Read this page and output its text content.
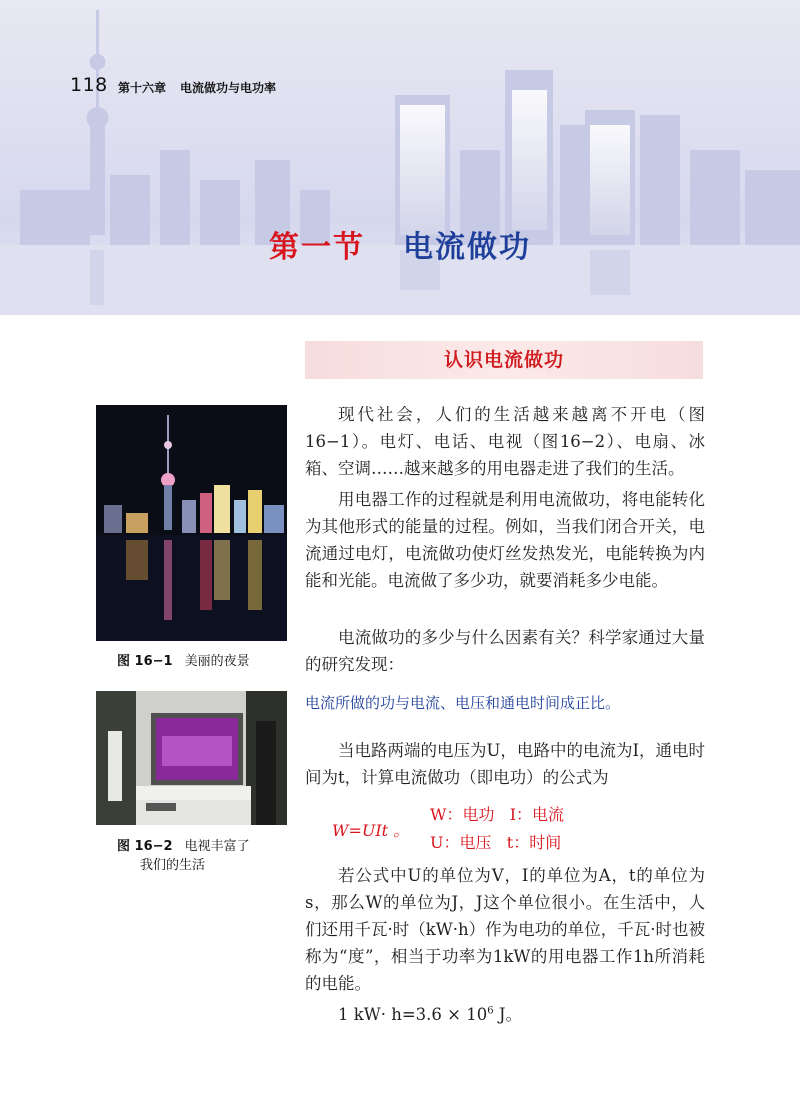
118 第十六章 电流做功与电功率
第一节 电流做功
认识电流做功

现代社会，人们的生活越来越离不开电（图16−1）。电灯、电话、电视（图16−2）、电扇、冰箱、空调……越来越多的用电器走进了我们的生活。

用电器工作的过程就是利用电流做功，将电能转化为其他形式的能量的过程。例如，当我们闭合开关，电流通过电灯，电流做功使灯丝发热发光，电能转换为内能和光能。电流做了多少功，就要消耗多少电能。

电流做功的多少与什么因素有关？科学家通过大量的研究发现：

电流所做的功与电流、电压和通电时间成正比。

当电路两端的电压为U，电路中的电流为I，通电时间为t，计算电流做功（即电功）的公式为

W=UIt 。
W：电功 I：电流
U：电压 t：时间

若公式中U的单位为V，I的单位为A，t的单位为s，那么W的单位为J，J这个单位很小。在生活中，人们还用千瓦·时（kW·h）作为电功的单位，千瓦·时也被称为“度”，相当于功率为1kW的用电器工作1h所消耗的电能。

1 $kW\cdot h=3.6 \times 10^6$ J。
图 16−1 美丽的夜景
图 16−2 电视丰富了
我们的生活
